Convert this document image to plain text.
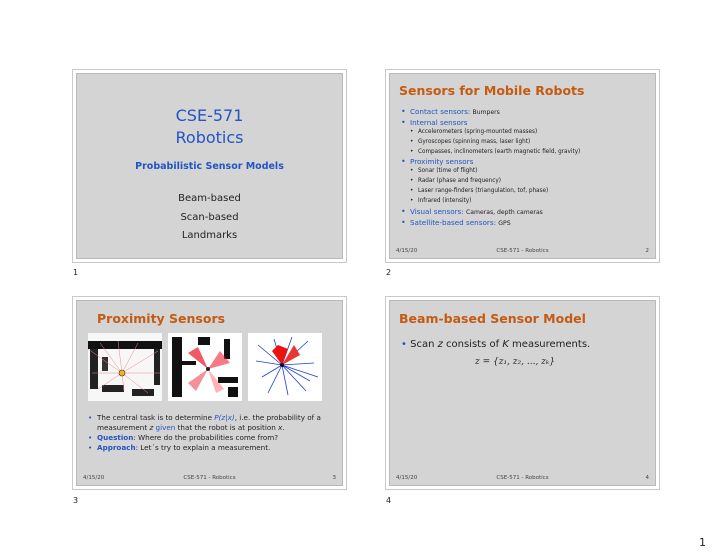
CSE-571
Robotics
Probabilistic Sensor Models
Beam-based
Scan-based
Landmarks
1
Sensors for Mobile Robots
• Contact sensors: Bumpers
• Internal sensors
• Accelerometers (spring-mounted masses)
• Gyroscopes (spinning mass, laser light)
• Compasses, inclinometers (earth magnetic field, gravity)
• Proximity sensors
• Sonar (time of flight)
• Radar (phase and frequency)
• Laser range-finders (triangulation, tof, phase)
• Infrared (intensity)
• Visual sensors: Cameras, depth cameras
• Satellite-based sensors: GPS
4/15/20	CSE-571 - Robotics	2
2
Proximity Sensors

• The central task is to determine P(z|x), i.e. the probability of a measurement z given that the robot is at position x.

• Question: Where do the probabilities come from?

• Approach: Let´s try to explain a measurement.

4/15/20	CSE-571 - Robotics	3
3
Beam-based Sensor Model
• Scan z consists of K measurements.
z = {z₁, z₂, ..., zₖ}
4/15/20	CSE-571 - Robotics	4
4
1
